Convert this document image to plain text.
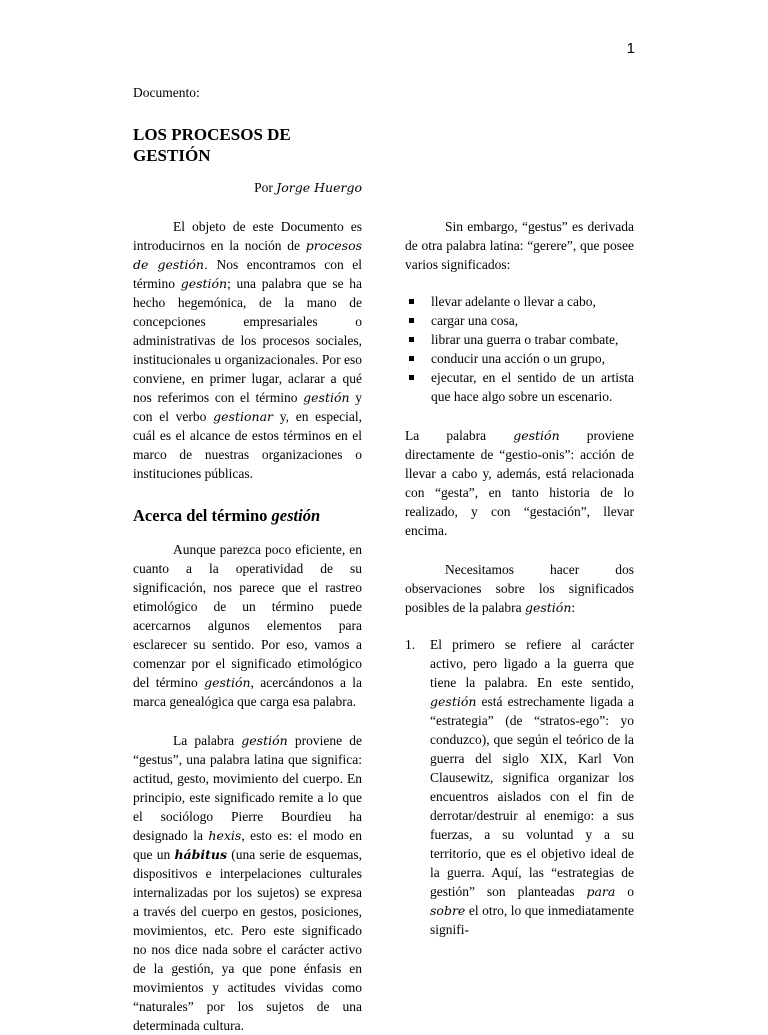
1

Documento:

LOS PROCESOS DE
GESTIÓN

Por Jorge Huergo

El objeto de este Documento es introducirnos en la noción de procesos de gestión. Nos encontramos con el término gestión; una palabra que se ha hecho hegemónica, de la mano de concepciones empresariales o administrativas de los procesos sociales, institucionales u organizacionales. Por eso conviene, en primer lugar, aclarar a qué nos referimos con el término gestión y con el verbo gestionar y, en especial, cuál es el alcance de estos términos en el marco de nuestras organizaciones o instituciones públicas.

Acerca del término gestión

Aunque parezca poco eficiente, en cuanto a la operatividad de su significación, nos parece que el rastreo etimológico de un término puede acercarnos algunos elementos para esclarecer su sentido. Por eso, vamos a comenzar por el significado etimológico del término gestión, acercándonos a la marca genealógica que carga esa palabra.

La palabra gestión proviene de “gestus”, una palabra latina que significa: actitud, gesto, movimiento del cuerpo. En principio, este significado remite a lo que el sociólogo Pierre Bourdieu ha designado la hexis, esto es: el modo en que un hábitus (una serie de esquemas, dispositivos e interpelaciones culturales internalizadas por los sujetos) se expresa a través del cuerpo en gestos, posiciones, movimientos, etc. Pero este significado no nos dice nada sobre el carácter activo de la gestión, ya que pone énfasis en movimientos y actitudes vividas como “naturales” por los sujetos de una determinada cultura.

Sin embargo, “gestus” es derivada de otra palabra latina: “gerere”, que posee varios significados:

llevar adelante o llevar a cabo,
cargar una cosa,
librar una guerra o trabar combate,
conducir una acción o un grupo,
ejecutar, en el sentido de un artista que hace algo sobre un escenario.

La palabra gestión proviene directamente de “gestio-onis”: acción de llevar a cabo y, además, está relacionada con “gesta”, en tanto historia de lo realizado, y con “gestación”, llevar encima.

Necesitamos hacer dos observaciones sobre los significados posibles de la palabra gestión:

1. El primero se refiere al carácter activo, pero ligado a la guerra que tiene la palabra. En este sentido, gestión está estrechamente ligada a “estrategia” (de “stratos-ego”: yo conduzco), que según el teórico de la guerra del siglo XIX, Karl Von Clausewitz, significa organizar los encuentros aislados con el fin de derrotar/destruir al enemigo: a sus fuerzas, a su voluntad y a su territorio, que es el objetivo ideal de la guerra. Aquí, las “estrategias de gestión” son planteadas para o sobre el otro, lo que inmediatamente signifi-
